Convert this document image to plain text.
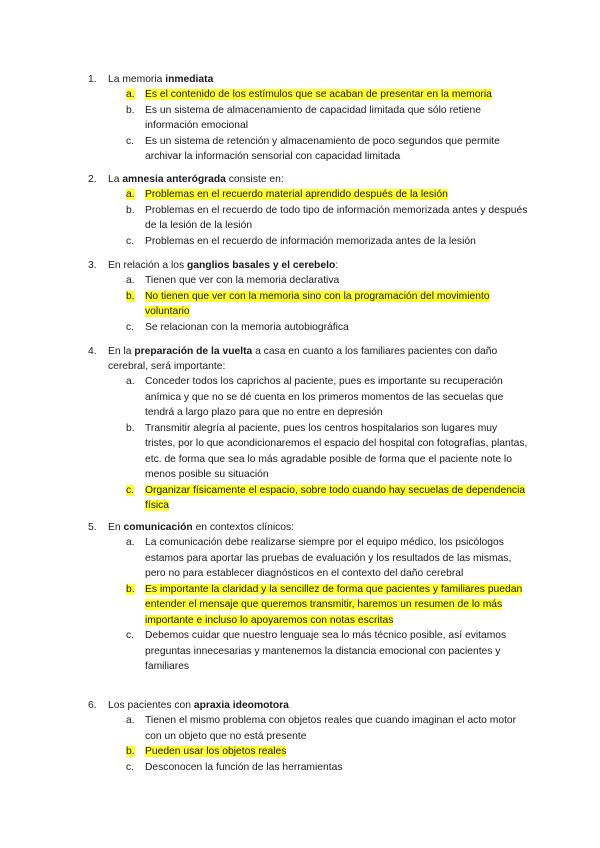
1.	La memoria inmediata
a.	Es el contenido de los estímulos que se acaban de presentar en la memoria
b.	Es un sistema de almacenamiento de capacidad limitada que sólo retiene información emocional
c.	Es un sistema de retención y almacenamiento de poco segundos que permite archivar la información sensorial con capacidad limitada
2.	La amnesia anterógrada consiste en:
a.	Problemas en el recuerdo material aprendido después de la lesión
b.	Problemas en el recuerdo de todo tipo de información memorizada antes y después de la lesión de la lesión
c.	Problemas en el recuerdo de información memorizada antes de la lesión
3.	En relación a los ganglios basales y el cerebelo:
a.	Tienen que ver con la memoria declarativa
b.	No tienen que ver con la memoria sino con la programación del movimiento voluntario
c.	Se relacionan con la memoria autobiográfica
4.	En la preparación de la vuelta a casa en cuanto a los familiares pacientes con daño cerebral, será importante:
a.	Conceder todos los caprichos al paciente, pues es importante su recuperación anímica y que no se dé cuenta en los primeros momentos de las secuelas que tendrá a largo plazo para que no entre en depresión
b.	Transmitir alegría al paciente, pues los centros hospitalarios son lugares muy tristes, por lo que acondicionaremos el espacio del hospital con fotografías, plantas, etc. de forma que sea lo más agradable posible de forma que el paciente note lo menos posible su situación
c.	Organizar físicamente el espacio, sobre todo cuando hay secuelas de dependencia física
5.	En comunicación en contextos clínicos:
a.	La comunicación debe realizarse siempre por el equipo médico, los psicólogos estamos para aportar las pruebas de evaluación y los resultados de las mismas, pero no para establecer diagnósticos en el contexto del daño cerebral
b.	Es importante la claridad y la sencillez de forma que pacientes y familiares puedan entender el mensaje que queremos transmitir, haremos un resumen de lo más importante e incluso lo apoyaremos con notas escritas
c.	Debemos cuidar que nuestro lenguaje sea lo más técnico posible, así evitamos preguntas innecesarias y mantenemos la distancia emocional con pacientes y familiares
6.	Los pacientes con apraxia ideomotora
a.	Tienen el mismo problema con objetos reales que cuando imaginan el acto motor con un objeto que no está presente
b.	Pueden usar los objetos reales
c.	Desconocen la función de las herramientas
